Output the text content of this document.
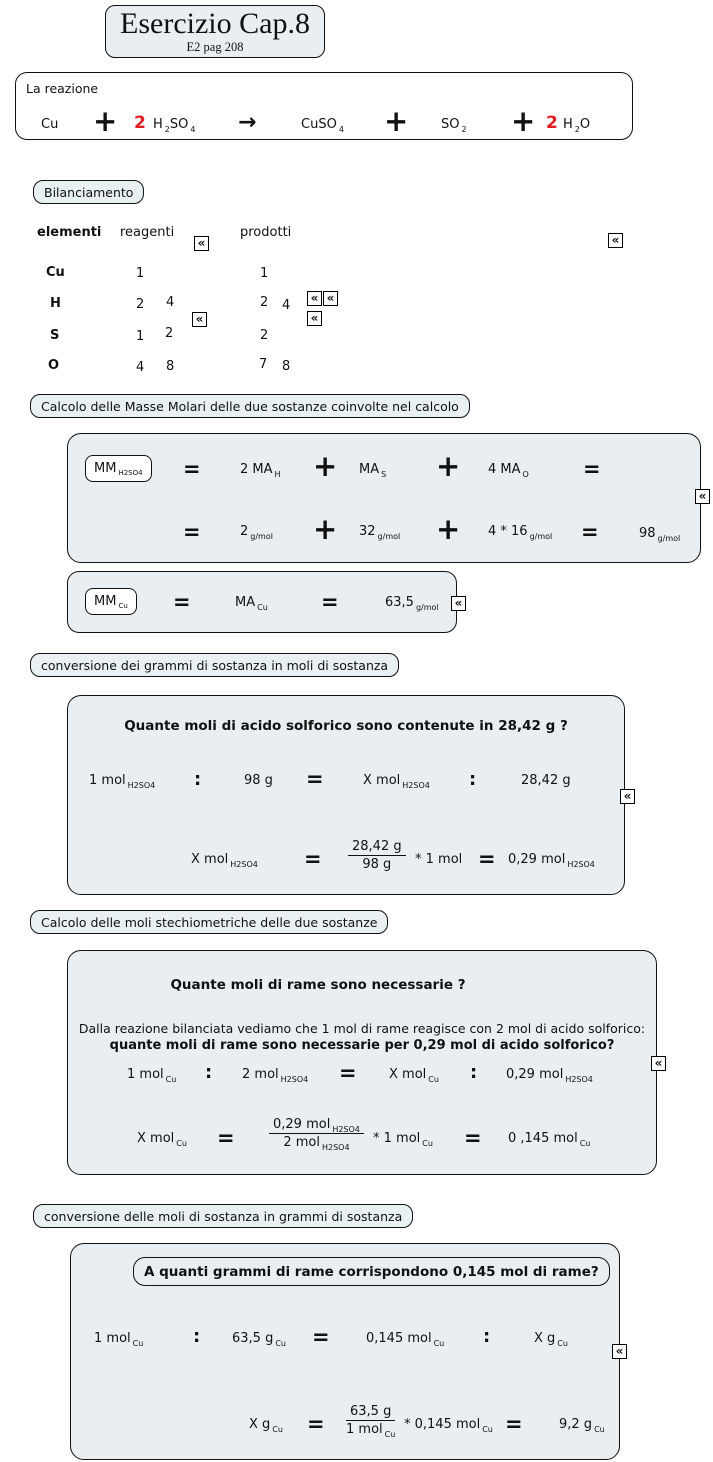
Esercizio Cap.8
E2 pag 208
La reazione
Cu + 2 H $_2$SO $_4$ →	CuSO $_4$ +	SO $_2$ + 2 H $_2$O
Bilanciamento
elementi reagenti	prodotti
«	«
Cu	1	1
H	2 4	2 4
S	1 2	2
O	4 8	7 8
« «
«
«
Calcolo delle Masse Molari delle due sostanze coinvolte nel calcolo
MM H2SO4 =	2 MA $_H$ + MA $_S$ + 4 MA $_O$	=
=	2 $_{g/mol}$ + 32 $_{g/mol}$ + 4 * 16 $_{g/mol}$ =	98 $_{g/mol}$
«
MM Cu =	MA $_{Cu}$	=	63,5 $_{g/mol}$	«
conversione dei grammi di sostanza in moli di sostanza
Quante moli di acido solforico sono contenute in 28,42 g ?
1 mol $_{H2SO4}$ :	98 g =	X mol $_{H2SO4}$ :	28,42 g
X mol $_{H2SO4} = \frac{28,42 g}{98 g} * 1$ mol = 0,29 mol $_{H2SO4}$
«
Calcolo delle moli stechiometriche delle due sostanze
Quante moli di rame sono necessarie ?
Dalla reazione bilanciata vediamo che 1 mol di rame reagisce con 2 mol di acido solforico:
quante moli di rame sono necessarie per 0,29 mol di acido solforico?
1 mol $_{Cu}$ : 2 mol $_{H2SO4}$ = X mol $_{Cu}$ : 0,29 mol $_{H2SO4}$
X mol $_{Cu}$ =
0,29 mol $_{H2SO4}$
2 mol $_{H2SO4}$
* 1 mol $_{Cu}$ = 0 ,145 mol $_{Cu}$
«
conversione delle moli di sostanza in grammi di sostanza
A quanti grammi di rame corrispondono 0,145 mol di rame?
1 mol $_{Cu}$	: 63,5 g $_{Cu}$ =	0,145 mol $_{Cu}$ :	X g $_{Cu}$
X g $_{Cu}$ =
63,5 g
1 mol $_{Cu}$
* 0,145 mol $_{Cu}$ =	9,2 g $_{Cu}$
«
